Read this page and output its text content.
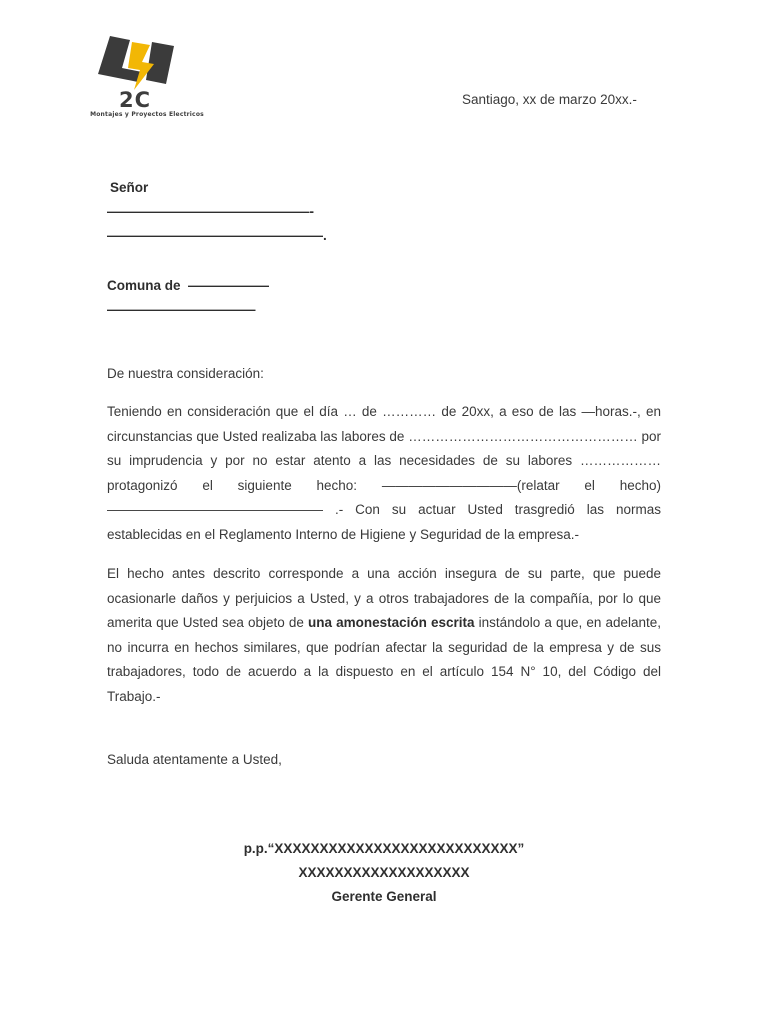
2C
Montajes y Proyectos Electricos
Santiago, xx de marzo 20xx.-
Señor
———————————————-
————————————————.
Comuna de ——————
———————————
De nuestra consideración:
Teniendo en consideración que el día … de ………… de 20xx, a eso de las —horas.-, en circunstancias que Usted realizaba las labores de …………………………………………… por su imprudencia y por no estar atento a las necesidades de su labores ……………… protagonizó el siguiente hecho: ——————————(relatar el hecho) ———————————————— .- Con su actuar Usted trasgredió las normas establecidas en el Reglamento Interno de Higiene y Seguridad de la empresa.-
El hecho antes descrito corresponde a una acción insegura de su parte, que puede ocasionarle daños y perjuicios a Usted, y a otros trabajadores de la compañía, por lo que amerita que Usted sea objeto de una amonestación escrita instándolo a que, en adelante, no incurra en hechos similares, que podrían afectar la seguridad de la empresa y de sus trabajadores, todo de acuerdo a la dispuesto en el artículo 154 N° 10, del Código del Trabajo.-
Saluda atentamente a Usted,
p.p.“XXXXXXXXXXXXXXXXXXXXXXXXXXX”
XXXXXXXXXXXXXXXXXXX
Gerente General
